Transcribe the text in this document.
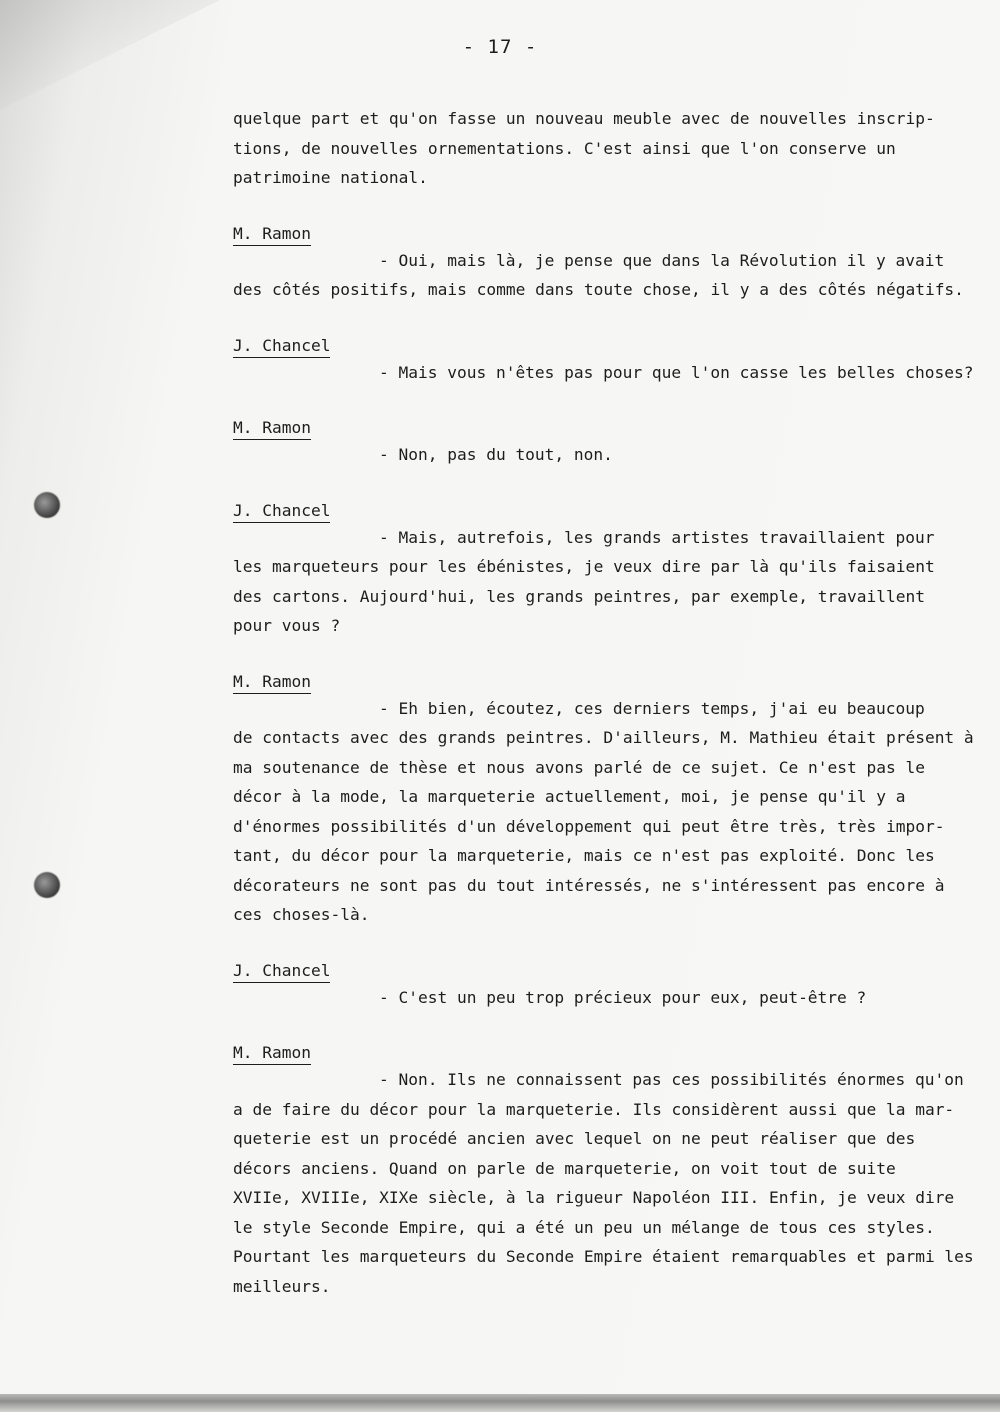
- 17 -
quelque part et qu'on fasse un nouveau meuble avec de nouvelles inscrip-
tions, de nouvelles ornementations. C'est ainsi que l'on conserve un
patrimoine national.
M. Ramon
- Oui, mais là, je pense que dans la Révolution il y avait
des côtés positifs, mais comme dans toute chose, il y a des côtés négatifs.
J. Chancel
- Mais vous n'êtes pas pour que l'on casse les belles choses?
M. Ramon
- Non, pas du tout, non.
J. Chancel
- Mais, autrefois, les grands artistes travaillaient pour
les marqueteurs pour les ébénistes, je veux dire par là qu'ils faisaient
des cartons. Aujourd'hui, les grands peintres, par exemple, travaillent
pour vous ?
M. Ramon
- Eh bien, écoutez, ces derniers temps, j'ai eu beaucoup
de contacts avec des grands peintres. D'ailleurs, M. Mathieu était présent à
ma soutenance de thèse et nous avons parlé de ce sujet. Ce n'est pas le
décor à la mode, la marqueterie actuellement, moi, je pense qu'il y a
d'énormes possibilités d'un développement qui peut être très, très impor-
tant, du décor pour la marqueterie, mais ce n'est pas exploité. Donc les
décorateurs ne sont pas du tout intéressés, ne s'intéressent pas encore à
ces choses-là.
J. Chancel
- C'est un peu trop précieux pour eux, peut-être ?
M. Ramon
- Non. Ils ne connaissent pas ces possibilités énormes qu'on
a de faire du décor pour la marqueterie. Ils considèrent aussi que la mar-
queterie est un procédé ancien avec lequel on ne peut réaliser que des
décors anciens. Quand on parle de marqueterie, on voit tout de suite
XVIIe, XVIIIe, XIXe siècle, à la rigueur Napoléon III. Enfin, je veux dire
le style Seconde Empire, qui a été un peu un mélange de tous ces styles.
Pourtant les marqueteurs du Seconde Empire étaient remarquables et parmi les
meilleurs.
